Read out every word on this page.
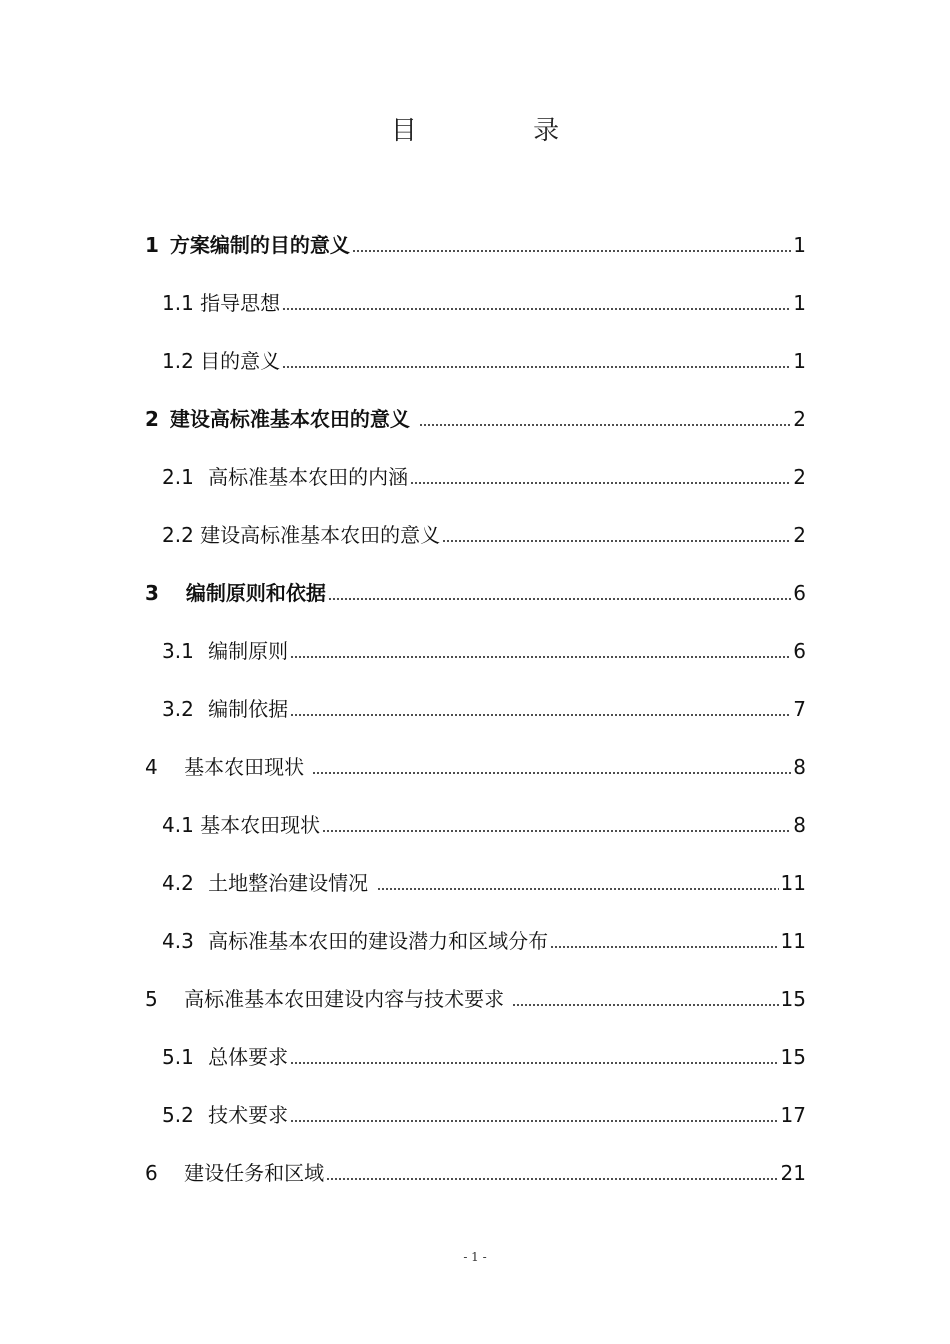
目 录
1 方案编制的目的意义	1
1.1 指导思想	1
1.2 目的意义	1
2 建设高标准基本农田的意义	2
2.1 高标准基本农田的内涵	2
2.2 建设高标准基本农田的意义	2
3 编制原则和依据	6
3.1 编制原则	6
3.2 编制依据	7
4 基本农田现状	8
4.1 基本农田现状	8
4.2 土地整治建设情况	11
4.3 高标准基本农田的建设潜力和区域分布	11
5 高标准基本农田建设内容与技术要求	15
5.1 总体要求	15
5.2 技术要求	17
6 建设任务和区域	21
- 1 -
